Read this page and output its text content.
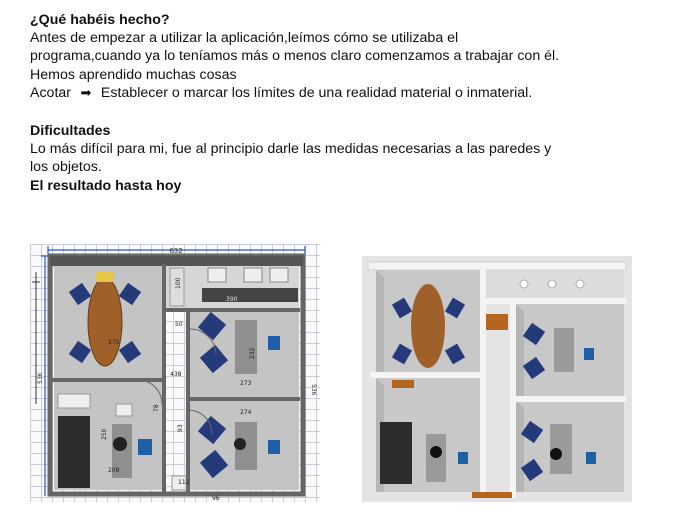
¿Qué habéis hecho?

Antes de empezar a utilizar la aplicación,leímos cómo se utilizaba el

programa,cuando ya lo teníamos más o menos claro comenzamos a trabajar con él.

Hemos aprendido muchas cosas

Acotar ➡ Establecer o marcar los límites de una realidad material o inmaterial.

Dificultades

Lo más difícil para mi, fue al principio darle las medidas necesarias a las paredes y

los objetos.

El resultado hasta hoy

632
536
536
270
50
100
390
232
438
273
78
274
250
209
93
112
96
